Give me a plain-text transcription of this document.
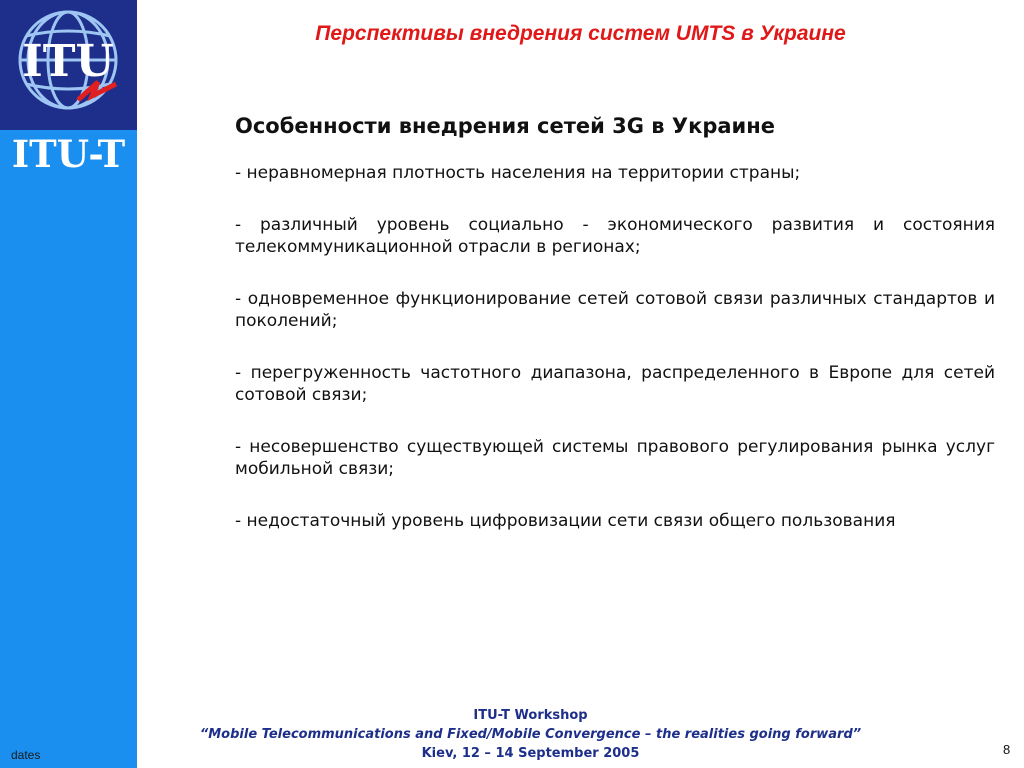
ITU
ITU-T
dates
Перспективы внедрения систем UMTS в Украине
Особенности внедрения сетей 3G в Украине

- неравномерная плотность населения на территории страны;

- различный уровень социально - экономического развития и состояния телекоммуникационной отрасли в регионах;

- одновременное функционирование сетей сотовой связи различных стандартов и поколений;

- перегруженность частотного диапазона, распределенного в Европе для сетей сотовой связи;

- несовершенство существующей системы правового регулирования рынка услуг мобильной связи;

- недостаточный уровень цифровизации сети связи общего пользования

ITU-T Workshop
“Mobile Telecommunications and Fixed/Mobile Convergence – the realities going forward”
Kiev, 12 – 14 September 2005	8
